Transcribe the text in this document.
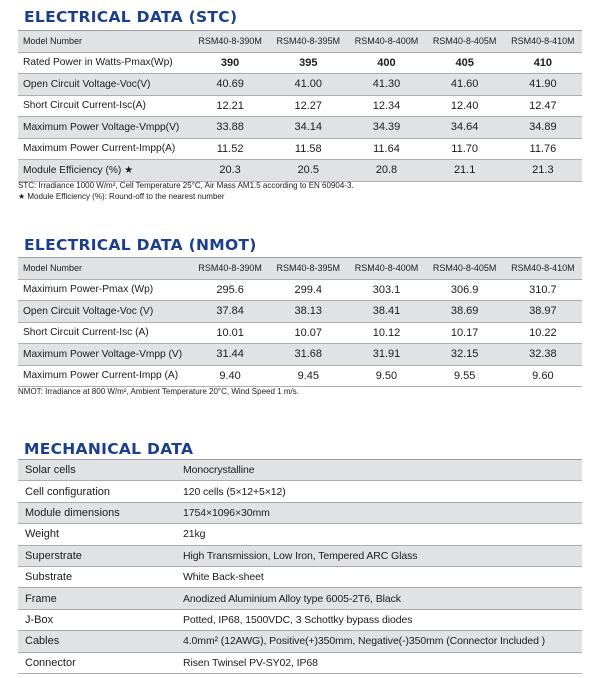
ELECTRICAL DATA (STC)
Model Number	RSM40-8-390M	RSM40-8-395M	RSM40-8-400M	RSM40-8-405M	RSM40-8-410M
Rated Power in Watts-Pmax(Wp)	390	395	400	405	410
Open Circuit Voltage-Voc(V)	40.69	41.00	41.30	41.60	41.90
Short Circuit Current-Isc(A)	12.21	12.27	12.34	12.40	12.47
Maximum Power Voltage-Vmpp(V)	33.88	34.14	34.39	34.64	34.89
Maximum Power Current-Impp(A)	11.52	11.58	11.64	11.70	11.76
Module Efficiency (%) ★	20.3	20.5	20.8	21.1	21.3
STC: Irradiance 1000 W/m², Cell Temperature 25°C, Air Mass AM1.5 according to EN 60904-3.
★ Module Efficiency (%): Round-off to the nearest number
ELECTRICAL DATA (NMOT)
Model Number	RSM40-8-390M	RSM40-8-395M	RSM40-8-400M	RSM40-8-405M	RSM40-8-410M
Maximum Power-Pmax (Wp)	295.6	299.4	303.1	306.9	310.7
Open Circuit Voltage-Voc (V)	37.84	38.13	38.41	38.69	38.97
Short Circuit Current-Isc (A)	10.01	10.07	10.12	10.17	10.22
Maximum Power Voltage-Vmpp (V)	31.44	31.68	31.91	32.15	32.38
Maximum Power Current-Impp (A)	9.40	9.45	9.50	9.55	9.60
NMOT: Irradiance at 800 W/m², Ambient Temperature 20°C, Wind Speed 1 m/s.
MECHANICAL DATA
Solar cells	Monocrystalline
Cell configuration	120 cells (5×12+5×12)
Module dimensions	1754×1096×30mm
Weight	21kg
Superstrate	High Transmission, Low Iron, Tempered ARC Glass
Substrate	White Back-sheet
Frame	Anodized Aluminium Alloy type 6005-2T6, Black
J-Box	Potted, IP68, 1500VDC, 3 Schottky bypass diodes
Cables	4.0mm² (12AWG), Positive(+)350mm, Negative(-)350mm (Connector Included )
Connector	Risen Twinsel PV-SY02, IP68
